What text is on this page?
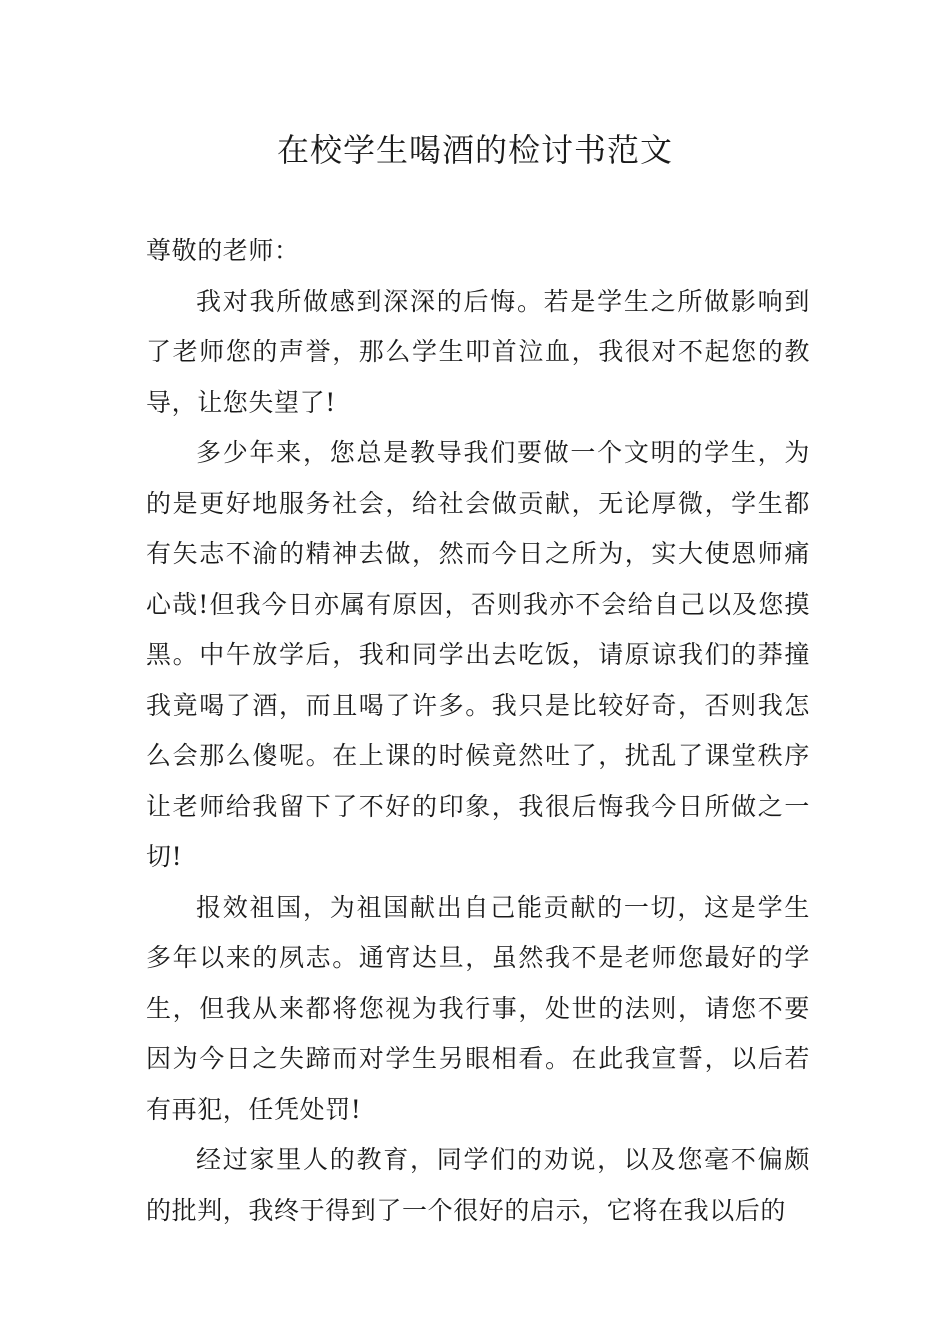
在校学生喝酒的检讨书范文

尊敬的老师：

我对我所做感到深深的后悔。若是学生之所做影响到了老师您的声誉，那么学生叩首泣血，我很对不起您的教导，让您失望了!

多少年来，您总是教导我们要做一个文明的学生，为的是更好地服务社会，给社会做贡献，无论厚微，学生都有矢志不渝的精神去做，然而今日之所为，实大使恩师痛心哉!但我今日亦属有原因，否则我亦不会给自己以及您摸黑。中午放学后，我和同学出去吃饭，请原谅我们的莽撞我竟喝了酒，而且喝了许多。我只是比较好奇，否则我怎么会那么傻呢。在上课的时候竟然吐了，扰乱了课堂秩序让老师给我留下了不好的印象，我很后悔我今日所做之一切!

报效祖国，为祖国献出自己能贡献的一切，这是学生多年以来的夙志。通宵达旦，虽然我不是老师您最好的学生，但我从来都将您视为我行事，处世的法则，请您不要因为今日之失蹄而对学生另眼相看。在此我宣誓，以后若有再犯，任凭处罚!

经过家里人的教育，同学们的劝说，以及您毫不偏颇的批判，我终于得到了一个很好的启示，它将在我以后的
